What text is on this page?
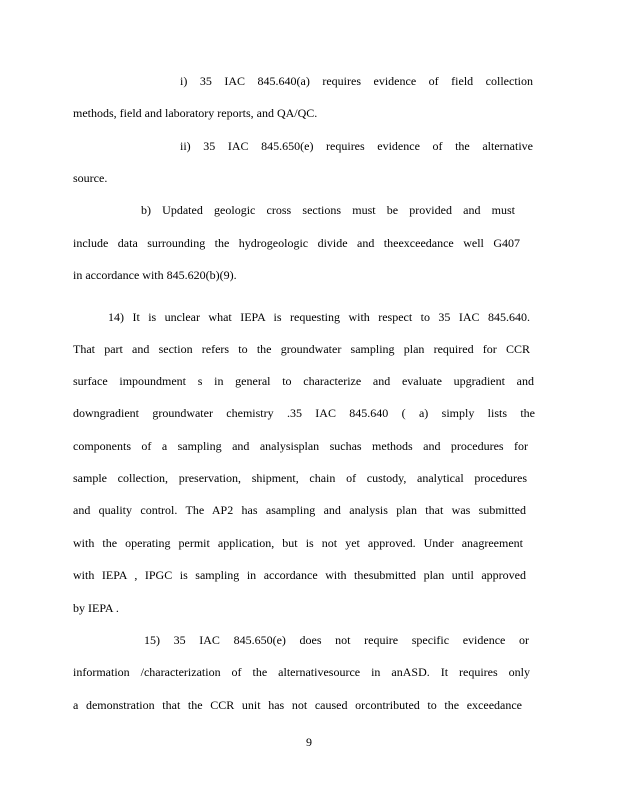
i) 35 IAC 845.640(a) requires evidence of field collection
methods, field and laboratory reports, and QA/QC.
ii) 35 IAC 845.650(e) requires evidence of the alternative
source.
b) Updated geologic cross sections must be provided and must
include data surrounding the hydrogeologic divide and theexceedance well G407
in accordance with 845.620(b)(9).
14) It is unclear what IEPA is requesting with respect to 35 IAC 845.640.
That part and section refers to the groundwater sampling plan required for CCR
surface impoundment s in general to characterize and evaluate upgradient and
downgradient groundwater chemistry .35 IAC 845.640 ( a) simply lists the
components of a sampling and analysisplan suchas methods and procedures for
sample collection, preservation, shipment, chain of custody, analytical procedures
and quality control. The AP2 has asampling and analysis plan that was submitted
with the operating permit application, but is not yet approved. Under anagreement
with IEPA , IPGC is sampling in accordance with thesubmitted plan until approved
by IEPA .
15) 35 IAC 845.650(e) does not require specific evidence or
information /characterization of the alternativesource in anASD. It requires only
a demonstration that the CCR unit has not caused orcontributed to the exceedance
9
